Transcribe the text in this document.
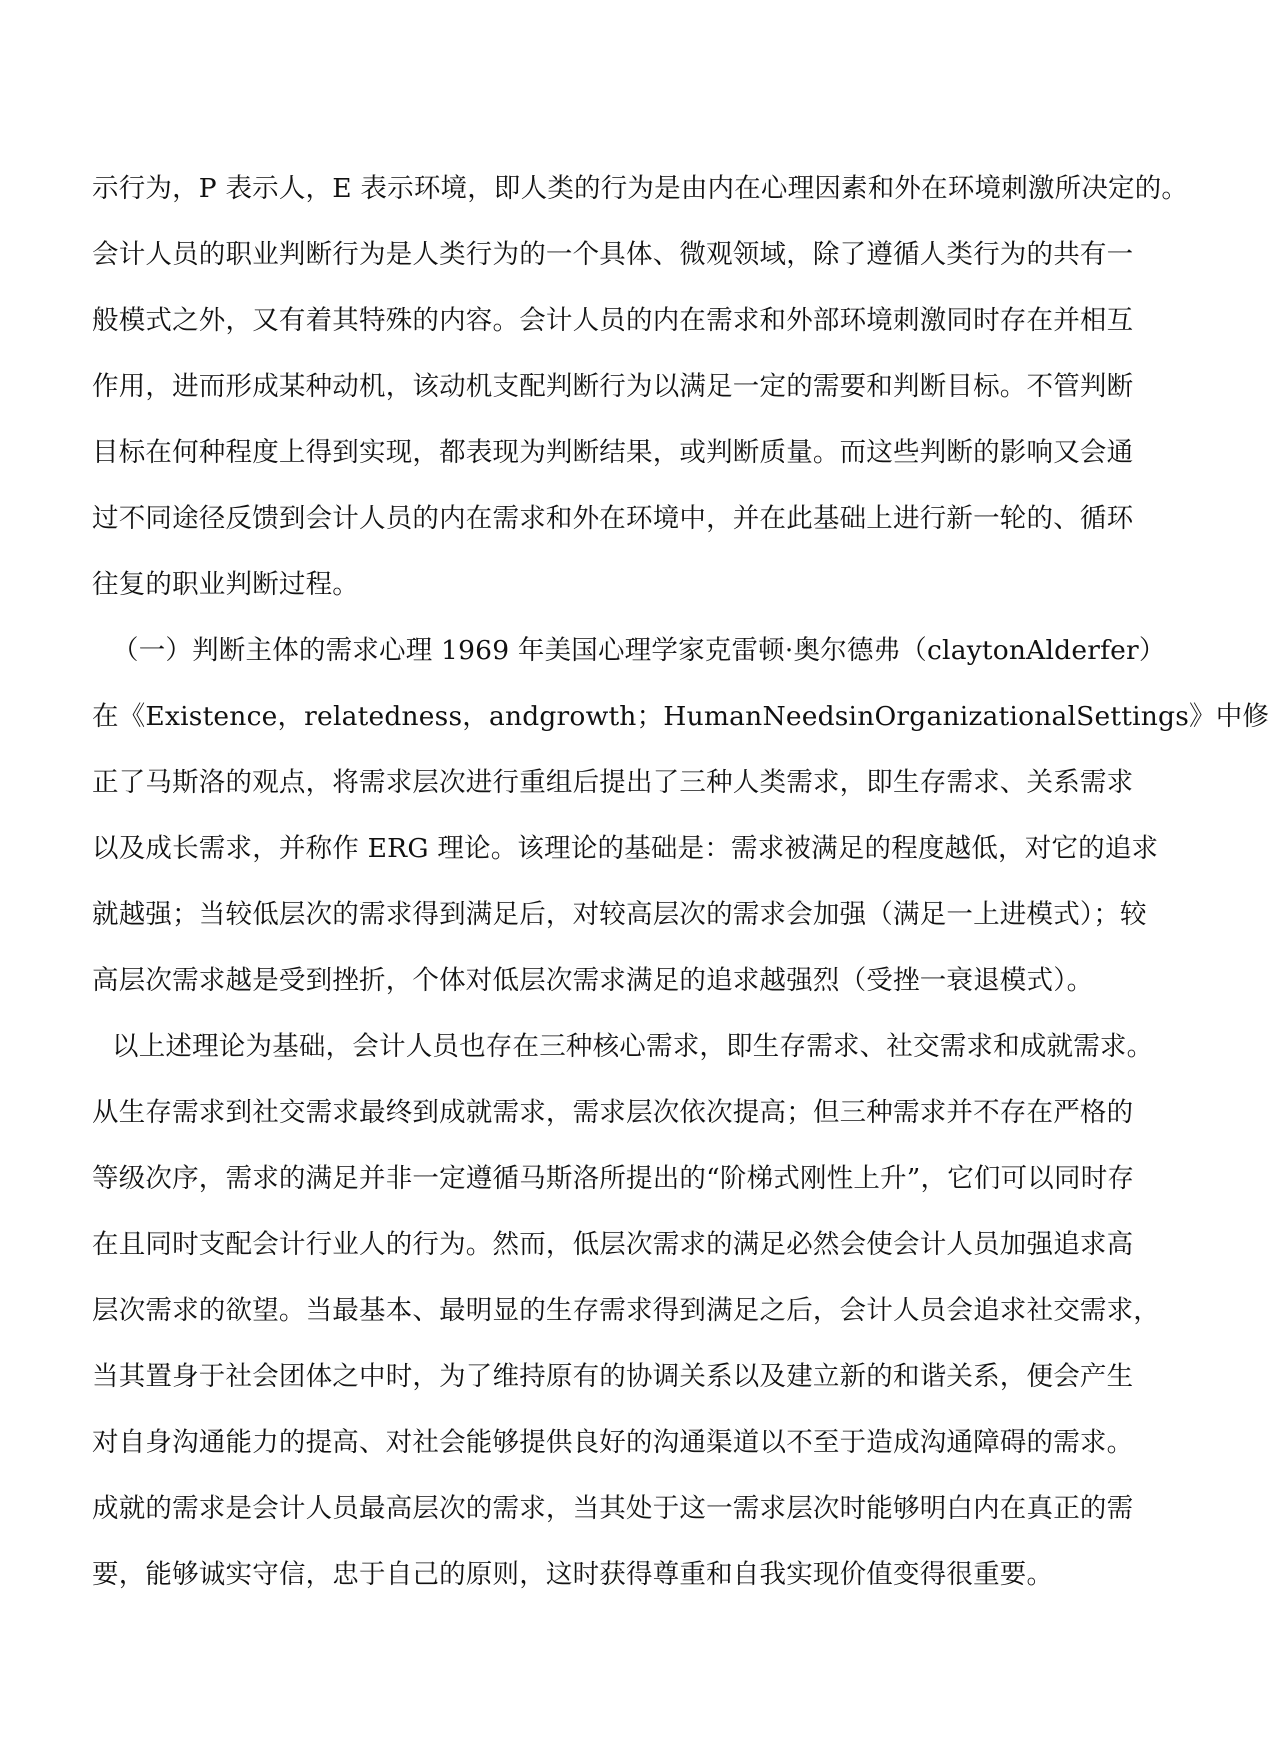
示行为，P 表示人，E 表示环境，即人类的行为是由内在心理因素和外在环境刺激所决定的。
会计人员的职业判断行为是人类行为的一个具体、微观领域，除了遵循人类行为的共有一
般模式之外，又有着其特殊的内容。会计人员的内在需求和外部环境刺激同时存在并相互
作用，进而形成某种动机，该动机支配判断行为以满足一定的需要和判断目标。不管判断
目标在何种程度上得到实现，都表现为判断结果，或判断质量。而这些判断的影响又会通
过不同途径反馈到会计人员的内在需求和外在环境中，并在此基础上进行新一轮的、循环
往复的职业判断过程。
（一）判断主体的需求心理 1969 年美国心理学家克雷顿·奥尔德弗（claytonAlderfer）
在《Existence，relatedness，andgrowth；HumanNeedsinOrganizationalSettings》中修
正了马斯洛的观点，将需求层次进行重组后提出了三种人类需求，即生存需求、关系需求
以及成长需求，并称作 ERG 理论。该理论的基础是：需求被满足的程度越低，对它的追求
就越强；当较低层次的需求得到满足后，对较高层次的需求会加强（满足一上进模式）；较
高层次需求越是受到挫折，个体对低层次需求满足的追求越强烈（受挫一衰退模式）。
以上述理论为基础，会计人员也存在三种核心需求，即生存需求、社交需求和成就需求。
从生存需求到社交需求最终到成就需求，需求层次依次提高；但三种需求并不存在严格的
等级次序，需求的满足并非一定遵循马斯洛所提出的“阶梯式刚性上升”，它们可以同时存
在且同时支配会计行业人的行为。然而，低层次需求的满足必然会使会计人员加强追求高
层次需求的欲望。当最基本、最明显的生存需求得到满足之后，会计人员会追求社交需求，
当其置身于社会团体之中时，为了维持原有的协调关系以及建立新的和谐关系，便会产生
对自身沟通能力的提高、对社会能够提供良好的沟通渠道以不至于造成沟通障碍的需求。
成就的需求是会计人员最高层次的需求，当其处于这一需求层次时能够明白内在真正的需
要，能够诚实守信，忠于自己的原则，这时获得尊重和自我实现价值变得很重要。
